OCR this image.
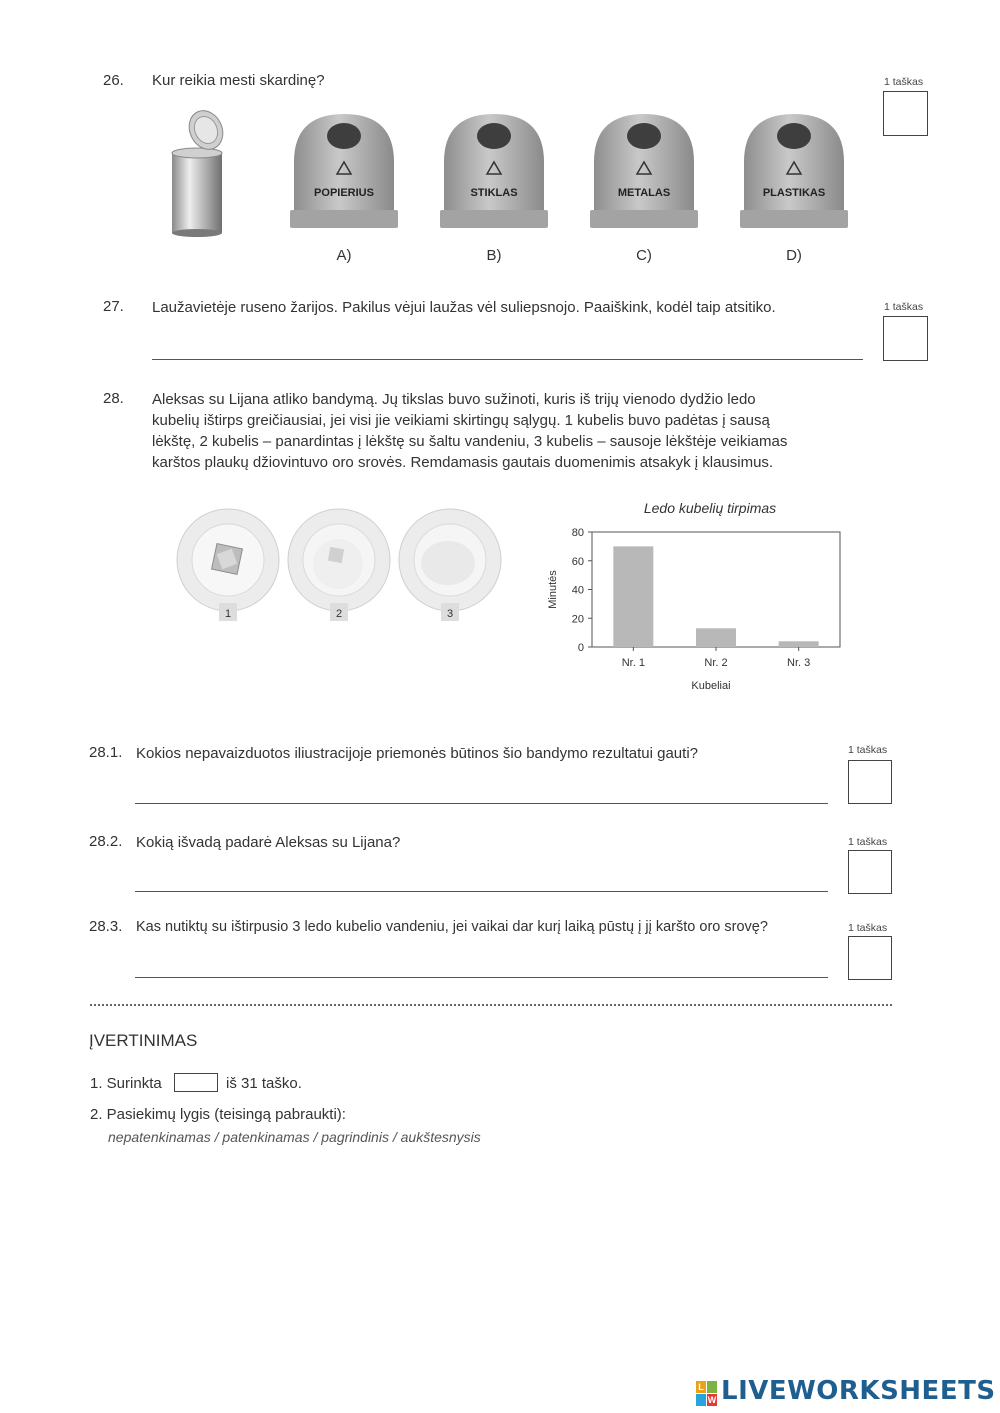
26. Kur reikia mesti skardinę?	1 taškas
POPIERIUS
A)
STIKLAS
B)
METALAS
C)
PLASTIKAS
D)
27. Laužavietėje ruseno žarijos. Pakilus vėjui laužas vėl suliepsnojo. Paaiškink, kodėl taip atsitiko.	1 taškas
28. Aleksas su Lijana atliko bandymą. Jų tikslas buvo sužinoti, kuris iš trijų vienodo dydžio ledo
kubelių ištirps greičiausiai, jei visi jie veikiami skirtingų sąlygų. 1 kubelis buvo padėtas į sausą
lėkštę, 2 kubelis – panardintas į lėkštę su šaltu vandeniu, 3 kubelis – sausoje lėkštėje veikiamas
karštos plaukų džiovintuvo oro srovės. Remdamasis gautais duomenimis atsakyk į klausimus.
1	2	3
Ledo kubelių tirpimas
0
20
40
60
80
Nr. 1	Nr. 2	Nr. 3
Kubeliai
Minutės
28.1. Kokios nepavaizduotos iliustracijoje priemonės būtinos šio bandymo rezultatui gauti?	1 taškas
28.2. Kokią išvadą padarė Aleksas su Lijana?	1 taškas
28.3. Kas nutiktų su ištirpusio 3 ledo kubelio vandeniu, jei vaikai dar kurį laiką pūstų į jį karšto oro srovę?	1 taškas
ĮVERTINIMAS
1. Surinkta	iš 31 taško.
2. Pasiekimų lygis (teisingą pabraukti):
nepatenkinamas / patenkinamas / pagrindinis / aukštesnysis
L
W LIVEWORKSHEETS
